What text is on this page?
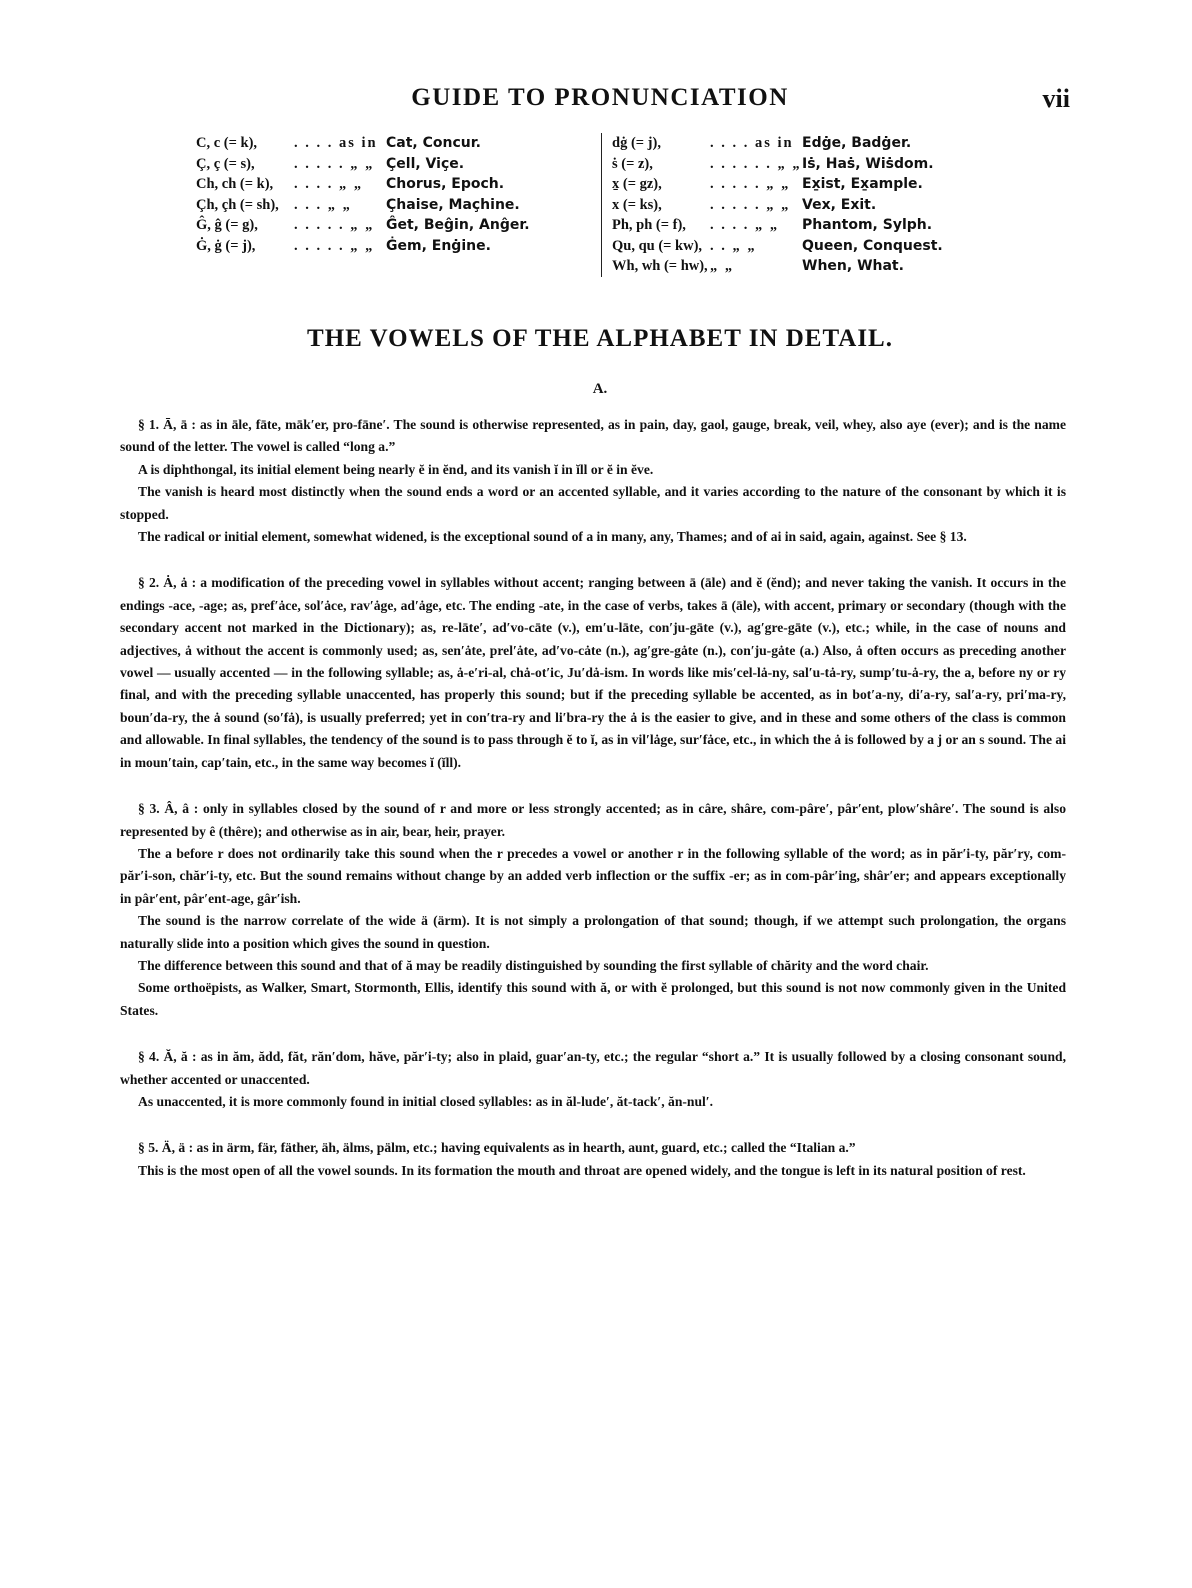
GUIDE TO PRONUNCIATION	vii
C, c (= k),	. . . . as in Cat, Concur.
Ç, ç (= s),	. . . . . „ „ Çell, Viçe.
Ch, ch (= k),	. . . . „ „	Chorus, Epoch.
Çh, çh (= sh),	. . . „ „	Çhaise, Maçhine.
Ĝ, ĝ (= g),	. . . . . „ „ Ĝet, Beĝin, Anĝer.
Ġ, ġ (= j),	. . . . . „ „ Ġem, Enġine.
dġ (= j),	. . . . as in Edġe, Badġer.
ṡ (= z),	. . . . . . „ „ Iṡ, Haṡ, Wiṡdom.
x̱ (= gz),	. . . . . „ „ Ex̱ist, Ex̱ample.
x (= ks),	. . . . . „ „ Vex, Exit.
Ph, ph (= f),	. . . . „ „	Phantom, Sylph.
Qu, qu (= kw), . . „ „	Queen, Conquest.
Wh, wh (= hw), „ „	When, What.
THE VOWELS OF THE ALPHABET IN DETAIL.
A.

§ 1. Ā, ā : as in āle, fāte, māk′er, pro-fāne′. The sound is otherwise represented, as in pain, day, gaol, gauge, break, veil, whey, also aye (ever); and is the name sound of the letter. The vowel is called “long a.”

A is diphthongal, its initial element being nearly ĕ in ĕnd, and its vanish ĭ in ĭll or ĕ in ĕve.

The vanish is heard most distinctly when the sound ends a word or an accented syllable, and it varies according to the nature of the consonant by which it is stopped.

The radical or initial element, somewhat widened, is the exceptional sound of a in many, any, Thames; and of ai in said, again, against. See § 13.

§ 2. Ȧ, ȧ : a modification of the preceding vowel in syllables without accent; ranging between ā (āle) and ĕ (ĕnd); and never taking the vanish. It occurs in the endings -ace, -age; as, pref′ȧce, sol′ȧce, rav′ȧge, ad′ȧge, etc. The ending -ate, in the case of verbs, takes ā (āle), with accent, primary or secondary (though with the secondary accent not marked in the Dictionary); as, re-lāte′, ad′vo-cāte (v.), em′u-lāte, con′ju-gāte (v.), ag′gre-gāte (v.), etc.; while, in the case of nouns and adjectives, ȧ without the accent is commonly used; as, sen′ȧte, prel′ȧte, ad′vo-cȧte (n.), ag′gre-gȧte (n.), con′ju-gȧte (a.) Also, ȧ often occurs as preceding another vowel — usually accented — in the following syllable; as, ȧ-e′ri-al, chȧ-ot′ic, Ju′dȧ-ism. In words like mis′cel-lȧ-ny, sal′u-tȧ-ry, sump′tu-ȧ-ry, the a, before ny or ry final, and with the preceding syllable unaccented, has properly this sound; but if the preceding syllable be accented, as in bot′a-ny, di′a-ry, sal′a-ry, pri′ma-ry, boun′da-ry, the ȧ sound (so′fȧ), is usually preferred; yet in con′tra-ry and li′bra-ry the ȧ is the easier to give, and in these and some others of the class is common and allowable. In final syllables, the tendency of the sound is to pass through ĕ to ĭ, as in vil′lȧge, sur′fȧce, etc., in which the ȧ is followed by a j or an s sound. The ai in moun′tain, cap′tain, etc., in the same way becomes ĭ (ĭll).

§ 3. Â, â : only in syllables closed by the sound of r and more or less strongly accented; as in câre, shâre, com-pâre′, pâr′ent, plow′shâre′. The sound is also represented by ê (thêre); and otherwise as in air, bear, heir, prayer.

The a before r does not ordinarily take this sound when the r precedes a vowel or another r in the following syllable of the word; as in păr′i-ty, păr′ry, com-păr′i-son, chăr′i-ty, etc. But the sound remains without change by an added verb inflection or the suffix -er; as in com-pâr′ing, shâr′er; and appears exceptionally in pâr′ent, pâr′ent-age, gâr′ish.

The sound is the narrow correlate of the wide ä (ärm). It is not simply a prolongation of that sound; though, if we attempt such prolongation, the organs naturally slide into a position which gives the sound in question.

The difference between this sound and that of ă may be readily distinguished by sounding the first syllable of chărity and the word chair.

Some orthoëpists, as Walker, Smart, Stormonth, Ellis, identify this sound with ă, or with ĕ prolonged, but this sound is not now commonly given in the United States.

§ 4. Ă, ă : as in ăm, ădd, făt, răn′dom, hăve, păr′i-ty; also in plaid, guar′an-ty, etc.; the regular “short a.” It is usually followed by a closing consonant sound, whether accented or unaccented.

As unaccented, it is more commonly found in initial closed syllables: as in ăl-lude′, ăt-tack′, ăn-nul′.

§ 5. Ä, ä : as in ärm, fär, fäther, äh, älms, pälm, etc.; having equivalents as in hearth, aunt, guard, etc.; called the “Italian a.”

This is the most open of all the vowel sounds. In its formation the mouth and throat are opened widely, and the tongue is left in its natural position of rest.
